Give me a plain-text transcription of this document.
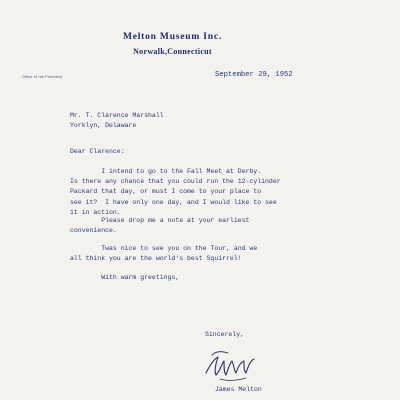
Melton Museum Inc.
Norwalk,Connecticut
Office of the President	September 29, 1952
Mr. T. Clarence Marshall
Yorklyn, Delaware
Dear Clarence:
I intend to go to the Fall Meet at Derby.
Is there any chance that you could run the 12-cylinder
Packard that day, or must I come to your place to
see it?  I have only one day, and I would like to see
it in action.
Please drop me a note at your earliest
convenience.
Twas nice to see you on the Tour, and we
all think you are the world's best Squirrel!
With warm greetings,
Sincerely,
James Melton
